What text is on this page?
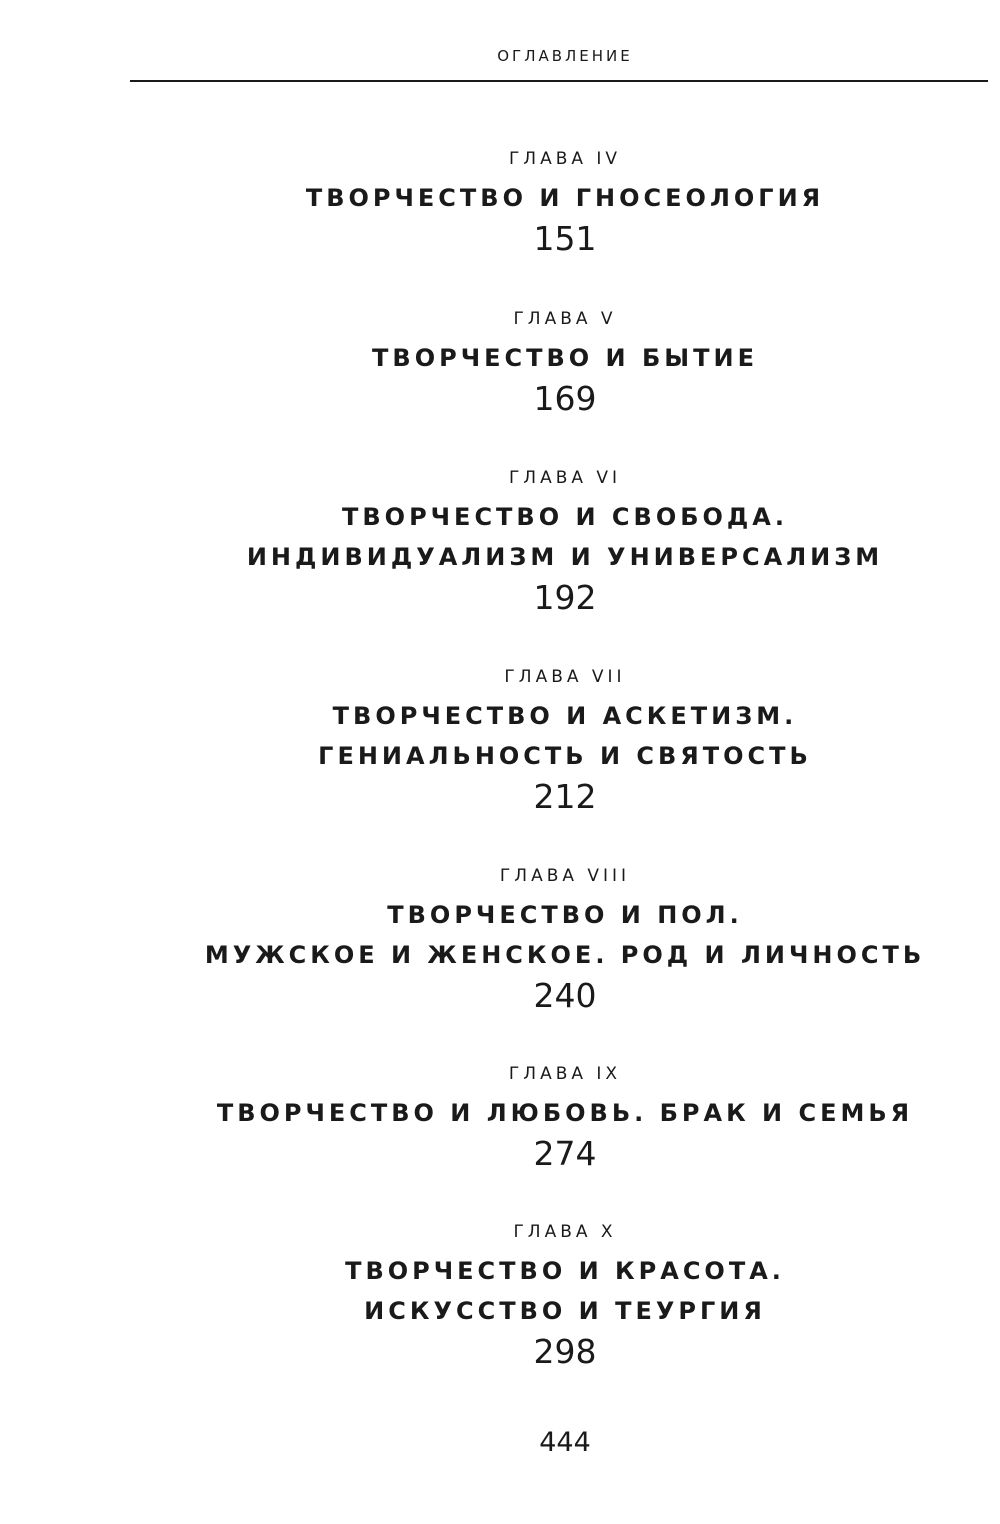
ОГЛАВЛЕНИЕ
ГЛАВА IV
ТВОРЧЕСТВО И ГНОСЕОЛОГИЯ
151
ГЛАВА V
ТВОРЧЕСТВО И БЫТИЕ
169
ГЛАВА VI
ТВОРЧЕСТВО И СВОБОДА.
ИНДИВИДУАЛИЗМ И УНИВЕРСАЛИЗМ
192
ГЛАВА VII
ТВОРЧЕСТВО И АСКЕТИЗМ.
ГЕНИАЛЬНОСТЬ И СВЯТОСТЬ
212
ГЛАВА VIII
ТВОРЧЕСТВО И ПОЛ.
МУЖСКОЕ И ЖЕНСКОЕ. РОД И ЛИЧНОСТЬ
240
ГЛАВА IX
ТВОРЧЕСТВО И ЛЮБОВЬ. БРАК И СЕМЬЯ
274
ГЛАВА X
ТВОРЧЕСТВО И КРАСОТА.
ИСКУССТВО И ТЕУРГИЯ
298
444
